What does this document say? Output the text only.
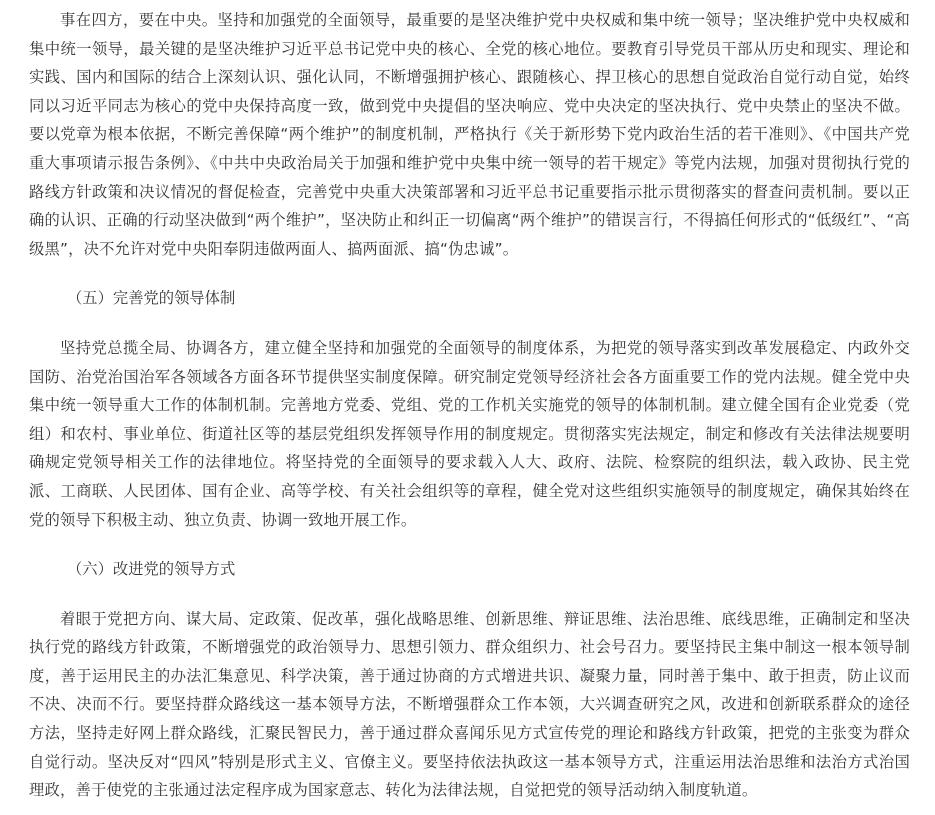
事在四方，要在中央。坚持和加强党的全面领导，最重要的是坚决维护党中央权威和集中统一领导；坚决维护党中央权威和集中统一领导，最关键的是坚决维护习近平总书记党中央的核心、全党的核心地位。要教育引导党员干部从历史和现实、理论和实践、国内和国际的结合上深刻认识、强化认同，不断增强拥护核心、跟随核心、捍卫核心的思想自觉政治自觉行动自觉，始终同以习近平同志为核心的党中央保持高度一致，做到党中央提倡的坚决响应、党中央决定的坚决执行、党中央禁止的坚决不做。要以党章为根本依据，不断完善保障“两个维护”的制度机制，严格执行《关于新形势下党内政治生活的若干准则》、《中国共产党重大事项请示报告条例》、《中共中央政治局关于加强和维护党中央集中统一领导的若干规定》等党内法规，加强对贯彻执行党的路线方针政策和决议情况的督促检查，完善党中央重大决策部署和习近平总书记重要指示批示贯彻落实的督查问责机制。要以正确的认识、正确的行动坚决做到“两个维护”，坚决防止和纠正一切偏离“两个维护”的错误言行，不得搞任何形式的“低级红”、“高级黑”，决不允许对党中央阳奉阴违做两面人、搞两面派、搞“伪忠诚”。

（五）完善党的领导体制

坚持党总揽全局、协调各方，建立健全坚持和加强党的全面领导的制度体系，为把党的领导落实到改革发展稳定、内政外交国防、治党治国治军各领域各方面各环节提供坚实制度保障。研究制定党领导经济社会各方面重要工作的党内法规。健全党中央集中统一领导重大工作的体制机制。完善地方党委、党组、党的工作机关实施党的领导的体制机制。建立健全国有企业党委（党组）和农村、事业单位、街道社区等的基层党组织发挥领导作用的制度规定。贯彻落实宪法规定，制定和修改有关法律法规要明确规定党领导相关工作的法律地位。将坚持党的全面领导的要求载入人大、政府、法院、检察院的组织法，载入政协、民主党派、工商联、人民团体、国有企业、高等学校、有关社会组织等的章程，健全党对这些组织实施领导的制度规定，确保其始终在党的领导下积极主动、独立负责、协调一致地开展工作。

（六）改进党的领导方式

着眼于党把方向、谋大局、定政策、促改革，强化战略思维、创新思维、辩证思维、法治思维、底线思维，正确制定和坚决执行党的路线方针政策，不断增强党的政治领导力、思想引领力、群众组织力、社会号召力。要坚持民主集中制这一根本领导制度，善于运用民主的办法汇集意见、科学决策，善于通过协商的方式增进共识、凝聚力量，同时善于集中、敢于担责，防止议而不决、决而不行。要坚持群众路线这一基本领导方法，不断增强群众工作本领，大兴调查研究之风，改进和创新联系群众的途径方法，坚持走好网上群众路线，汇聚民智民力，善于通过群众喜闻乐见方式宣传党的理论和路线方针政策，把党的主张变为群众自觉行动。坚决反对“四风”特别是形式主义、官僚主义。要坚持依法执政这一基本领导方式，注重运用法治思维和法治方式治国理政，善于使党的主张通过法定程序成为国家意志、转化为法律法规，自觉把党的领导活动纳入制度轨道。
